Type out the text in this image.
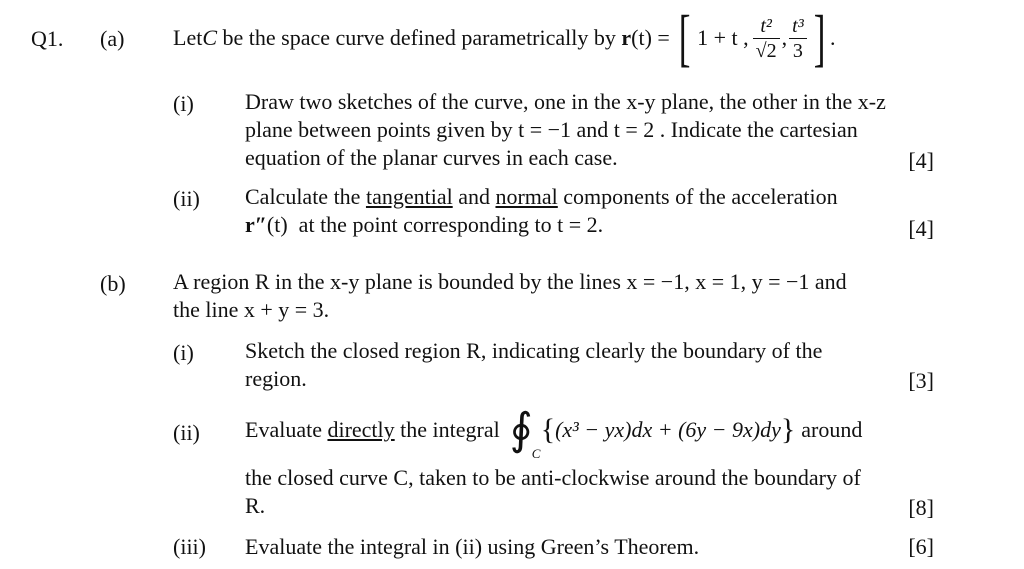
Q1. (a) Let C be the space curve defined parametrically by r (t) = [ 1 + t , $\frac{\text{t²}}{√2}$ , $\frac{\text{t³}}{3}$ ] .
(i) Draw two sketches of the curve, one in the x-y plane, the other in the x-z
plane between points given by t = −1 and t = 2 . Indicate the cartesian
equation of the planar curves in each case.	[4]
(ii) Calculate the tangential and normal components of the acceleration
r″(t)  at the point corresponding to t = 2.	[4]
(b) A region R in the x-y plane is bounded by the lines x = −1, x = 1, y = −1 and
the line x + y = 3.
(i) Sketch the closed region R, indicating clearly the boundary of the
region.	[3]
(ii) Evaluate directly the integral ∮ C
{ (x³ − yx)dx + (6y − 9x)dy } around
the closed curve C, taken to be anti-clockwise around the boundary of
R.	[8]
(iii) Evaluate the integral in (ii) using Green’s Theorem.	[6]
